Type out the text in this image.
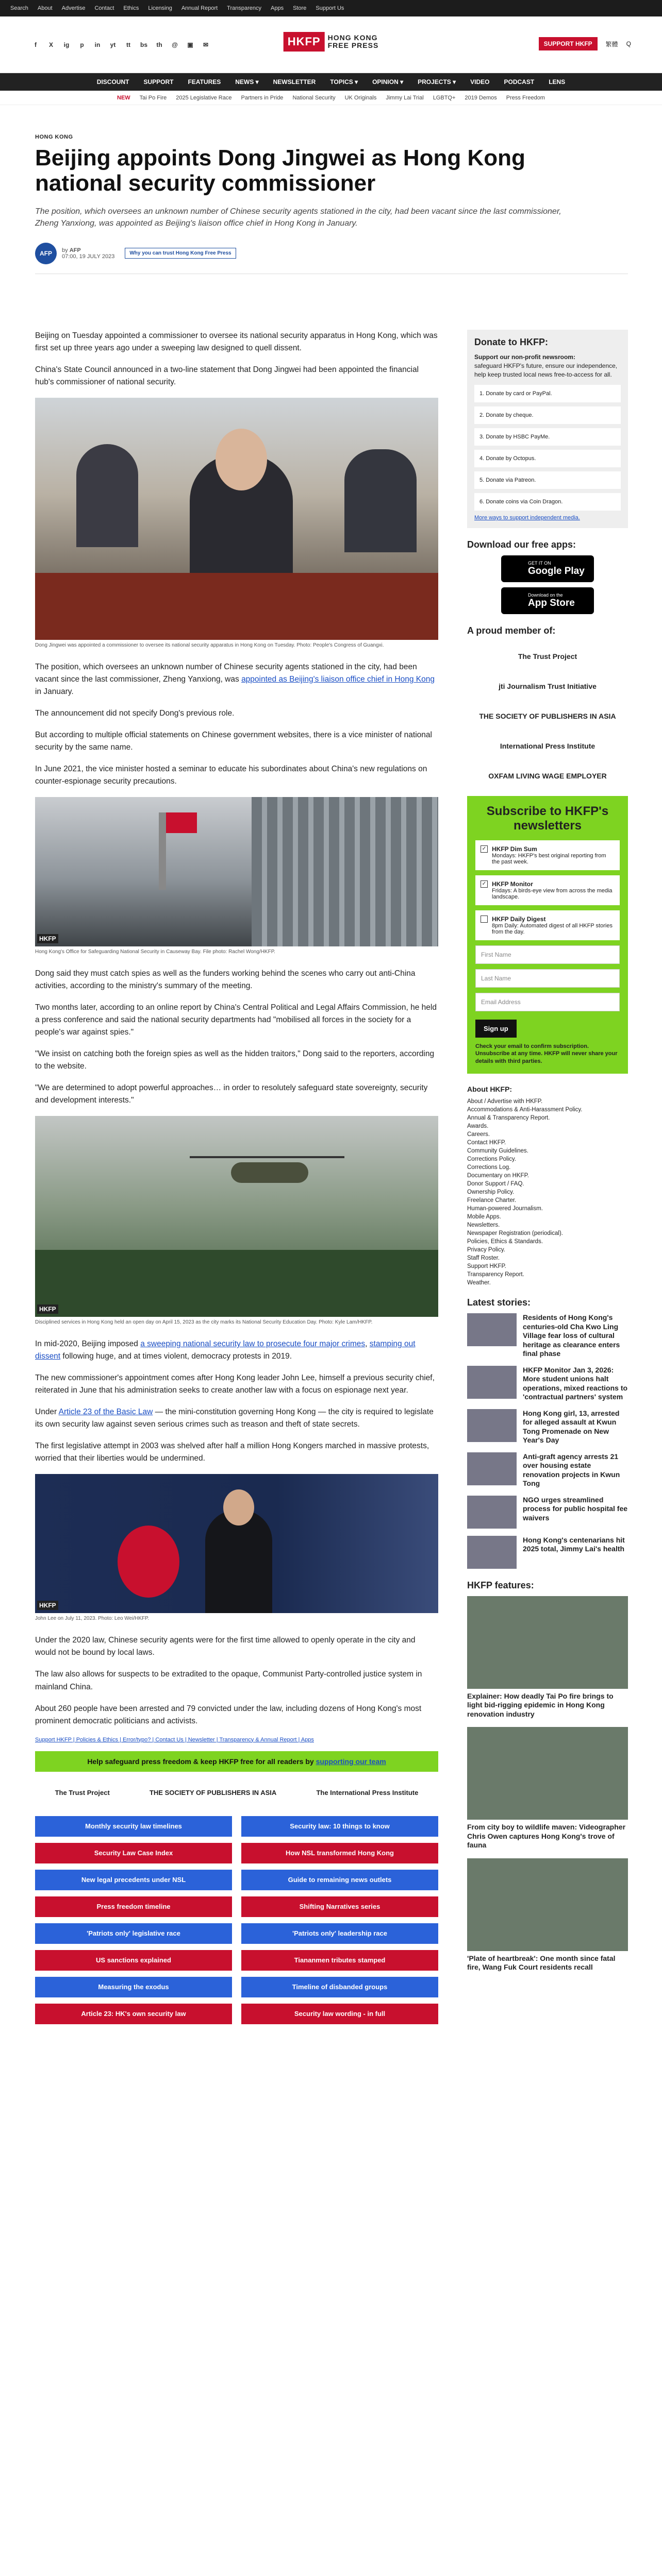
Search About Advertise Contact Ethics Licensing Annual Report Transparency Apps Store Support Us
f	X	ig	p	in	yt	tt	bs th @ ▣	✉	HKFP	HONG KONG
FREE PRESS	SUPPORT HKFP	繁體 Q
DISCOUNT SUPPORT FEATURES NEWS ▾ NEWSLETTER TOPICS ▾ OPINION ▾ PROJECTS ▾ VIDEO PODCAST LENS
NEW Tai Po Fire 2025 Legislative Race Partners in Pride National Security UK Originals Jimmy Lai Trial LGBTQ+ 2019 Demos Press Freedom
HONG KONG
Beijing appoints Dong Jingwei as Hong Kong national security commissioner
The position, which oversees an unknown number of Chinese security agents stationed in the city, had been vacant since the last commissioner, Zheng Yanxiong, was appointed as Beijing's liaison office chief in Hong Kong in January.
AFP	by AFP
07:00, 19 JULY 2023	Why you can trust Hong Kong Free Press

Beijing on Tuesday appointed a commissioner to oversee its national security apparatus in Hong Kong, which was first set up three years ago under a sweeping law designed to quell dissent.

China's State Council announced in a two-line statement that Dong Jingwei had been appointed the financial hub's commissioner of national security.

Dong Jingwei was appointed a commissioner to oversee its national security apparatus in Hong Kong on Tuesday. Photo: People's Congress of Guangxi.

The position, which oversees an unknown number of Chinese security agents stationed in the city, had been vacant since the last commissioner, Zheng Yanxiong, was appointed as Beijing's liaison office chief in Hong Kong in January.

The announcement did not specify Dong's previous role.

But according to multiple official statements on Chinese government websites, there is a vice minister of national security by the same name.

In June 2021, the vice minister hosted a seminar to educate his subordinates about China's new regulations on counter-espionage security precautions.

HKFP
Hong Kong's Office for Safeguarding National Security in Causeway Bay. File photo: Rachel Wong/HKFP.

Dong said they must catch spies as well as the funders working behind the scenes who carry out anti-China activities, according to the ministry's summary of the meeting.

Two months later, according to an online report by China's Central Political and Legal Affairs Commission, he held a press conference and said the national security departments had "mobilised all forces in the society for a people's war against spies."

"We insist on catching both the foreign spies as well as the hidden traitors," Dong said to the reporters, according to the website.

"We are determined to adopt powerful approaches… in order to resolutely safeguard state sovereignty, security and development interests."

HKFP
Disciplined services in Hong Kong held an open day on April 15, 2023 as the city marks its National Security Education Day. Photo: Kyle Lam/HKFP.

In mid-2020, Beijing imposed a sweeping national security law to prosecute four major crimes, stamping out dissent following huge, and at times violent, democracy protests in 2019.

The new commissioner's appointment comes after Hong Kong leader John Lee, himself a previous security chief, reiterated in June that his administration seeks to create another law with a focus on espionage next year.

Under Article 23 of the Basic Law — the mini-constitution governing Hong Kong — the city is required to legislate its own security law against seven serious crimes such as treason and theft of state secrets.

The first legislative attempt in 2003 was shelved after half a million Hong Kongers marched in massive protests, worried that their liberties would be undermined.

HKFP
John Lee on July 11, 2023. Photo: Leo Wei/HKFP.

Under the 2020 law, Chinese security agents were for the first time allowed to openly operate in the city and would not be bound by local laws.

The law also allows for suspects to be extradited to the opaque, Communist Party-controlled justice system in mainland China.

About 260 people have been arrested and 79 convicted under the law, including dozens of Hong Kong's most prominent democratic politicians and activists.

Support HKFP | Policies & Ethics | Error/typo? | Contact Us | Newsletter | Transparency & Annual Report | Apps
Help safeguard press freedom & keep HKFP free for all readers by supporting our team
The Trust Project	THE SOCIETY OF PUBLISHERS IN ASIA	The International Press Institute
Monthly security law timelines	Security law: 10 things to know
Security Law Case Index	How NSL transformed Hong Kong
New legal precedents under NSL	Guide to remaining news outlets
Press freedom timeline	Shifting Narratives series
'Patriots only' legislative race	'Patriots only' leadership race
US sanctions explained	Tiananmen tributes stamped
Measuring the exodus	Timeline of disbanded groups
Article 23: HK's own security law	Security law wording - in full
Donate to HKFP:
Support our non-profit newsroom:
safeguard HKFP's future, ensure our independence, help keep trusted local news free-to-access for all.
1. Donate by card or PayPal.
2. Donate by cheque.
3. Donate by HSBC PayMe.
4. Donate by Octopus.
5. Donate via Patreon.
6. Donate coins via Coin Dragon.
More ways to support independent media.
Download our free apps:
GET IT ON
Google Play
Download on the
App Store
A proud member of:
The Trust Project
jti Journalism Trust Initiative
THE SOCIETY OF PUBLISHERS IN ASIA
International Press Institute
OXFAM LIVING WAGE EMPLOYER
Subscribe to HKFP's newsletters
✓ HKFP Dim Sum
Mondays: HKFP's best original reporting from the past week.
✓ HKFP Monitor
Fridays: A birds-eye view from across the media landscape.
HKFP Daily Digest
8pm Daily: Automated digest of all HKFP stories from the day.
First Name
Last Name
Email Address
Sign up
Check your email to confirm subscription. Unsubscribe at any time. HKFP will never share your details with third parties.
About HKFP:
About / Advertise with HKFP.
Accommodations & Anti-Harassment Policy.
Annual & Transparency Report.
Awards.
Careers.
Contact HKFP.
Community Guidelines.
Corrections Policy.
Corrections Log.
Documentary on HKFP.
Donor Support / FAQ.
Ownership Policy.
Freelance Charter.
Human-powered Journalism.
Mobile Apps.
Newsletters.
Newspaper Registration (periodical).
Policies, Ethics & Standards.
Privacy Policy.
Staff Roster.
Support HKFP.
Transparency Report.
Weather.
Latest stories:
Residents of Hong Kong's centuries-old Cha Kwo Ling Village fear loss of cultural heritage as clearance enters final phase
HKFP Monitor Jan 3, 2026: More student unions halt operations, mixed reactions to 'contractual partners' system
Hong Kong girl, 13, arrested for alleged assault at Kwun Tong Promenade on New Year's Day
Anti-graft agency arrests 21 over housing estate renovation projects in Kwun Tong
NGO urges streamlined process for public hospital fee waivers
Hong Kong's centenarians hit 2025 total, Jimmy Lai's health
HKFP features:
Explainer: How deadly Tai Po fire brings to light bid-rigging epidemic in Hong Kong renovation industry
From city boy to wildlife maven: Videographer Chris Owen captures Hong Kong's trove of fauna
'Plate of heartbreak': One month since fatal fire, Wang Fuk Court residents recall
